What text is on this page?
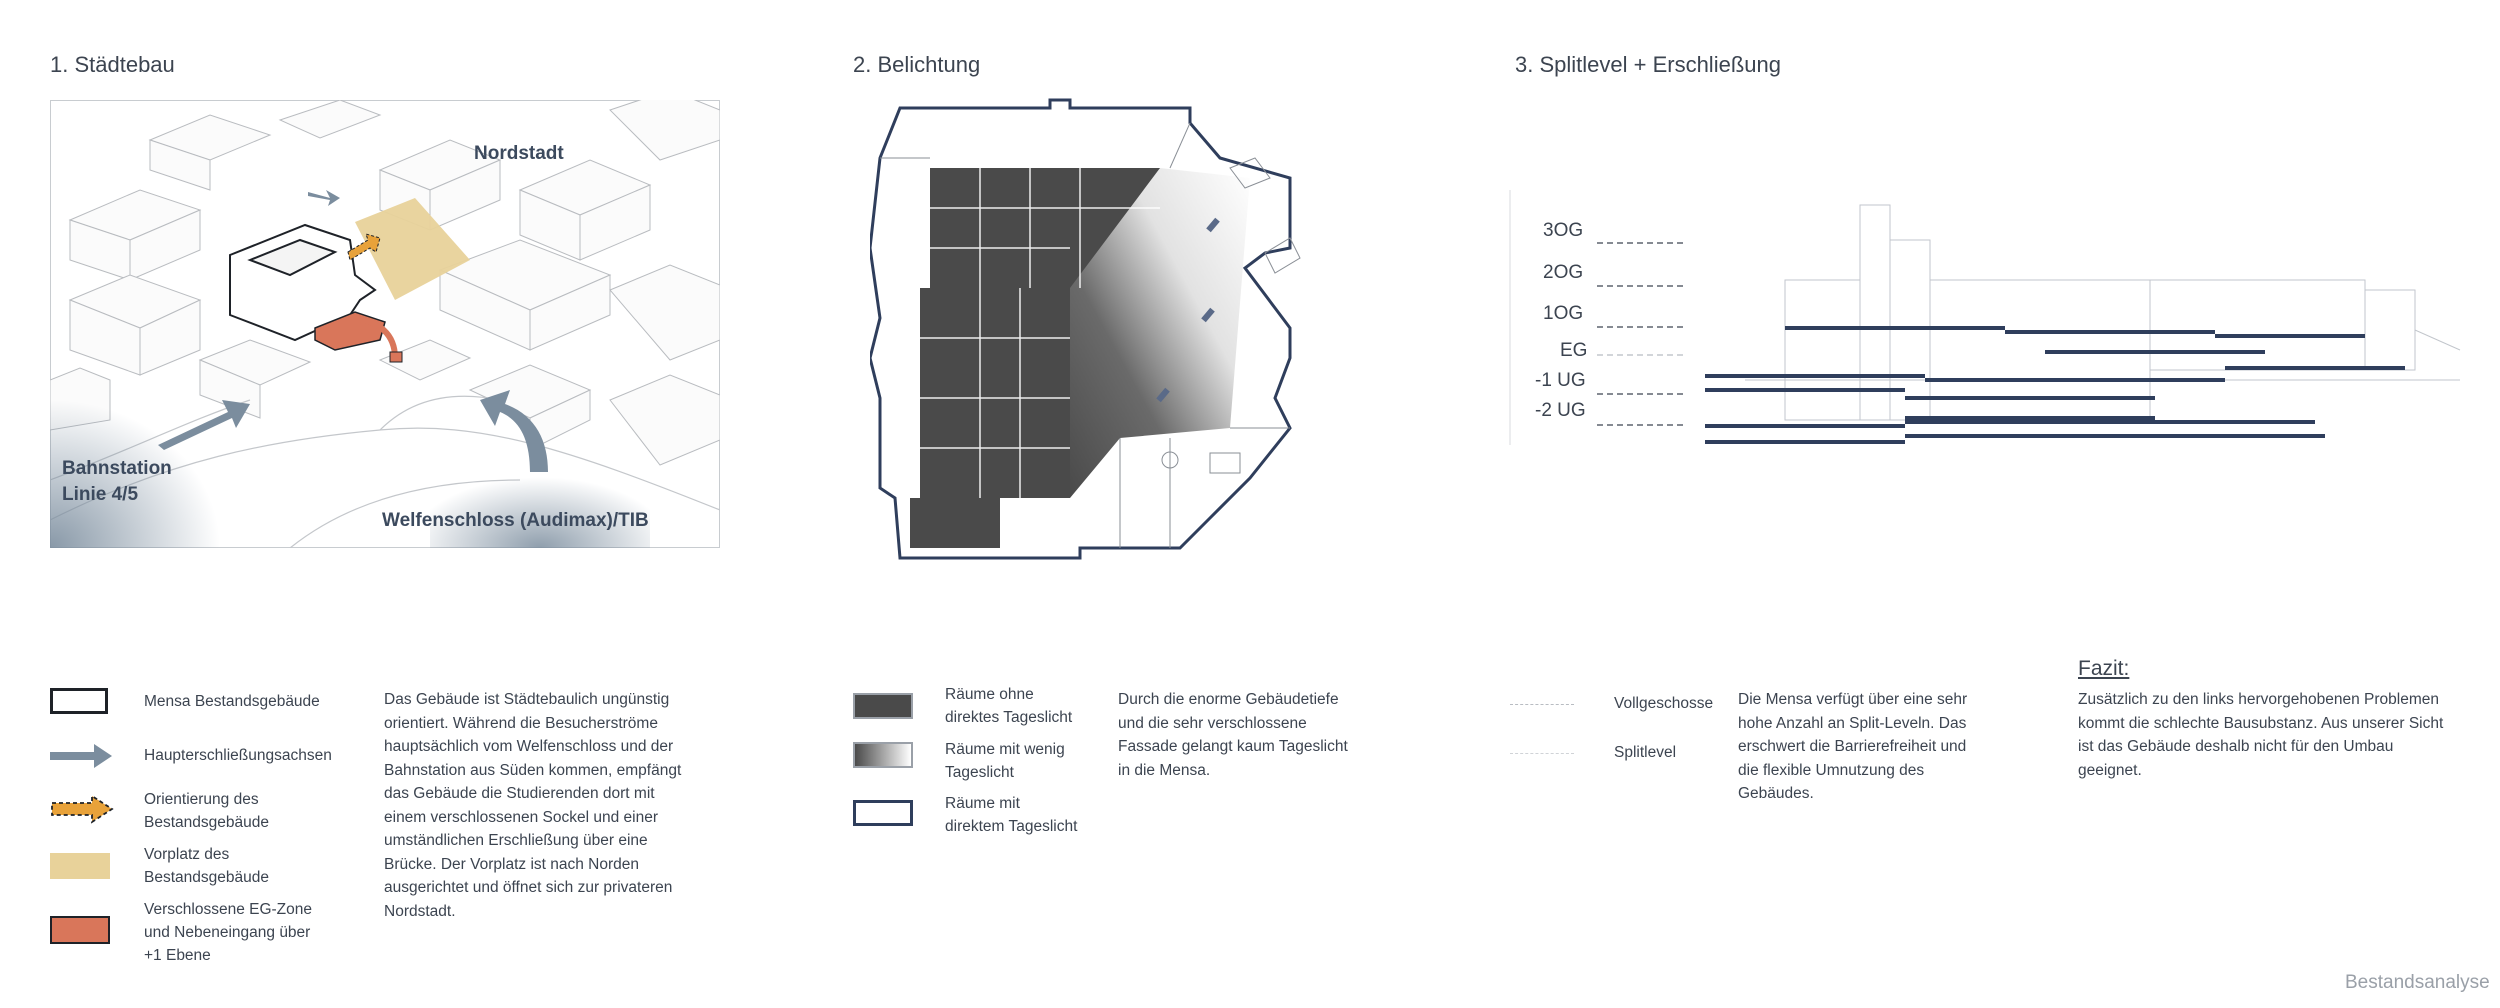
1. Städtebau	2. Belichtung	3. Splitlevel + Erschließung
Nordstadt
Bahnstation
Linie 4/5
Welfenschloss (Audimax)/TIB
3OG
2OG
1OG
EG
-1 UG
-2 UG
Mensa Bestandsgebäude
Haupterschließungsachsen
Orientierung des
Bestandsgebäude
Vorplatz des
Bestandsgebäude
Verschlossene EG-Zone
und Nebeneingang über
+1 Ebene
Das Gebäude ist Städtebaulich ungünstig
orientiert. Während die Besucherströme
hauptsächlich vom Welfenschloss und der
Bahnstation aus Süden kommen, empfängt
das Gebäude die Studierenden dort mit
einem verschlossenen Sockel und einer
umständlichen Erschließung über eine
Brücke. Der Vorplatz ist nach Norden
ausgerichtet und öffnet sich zur privateren
Nordstadt.
Räume ohne
direktes Tageslicht
Räume mit wenig
Tageslicht
Räume mit
direktem Tageslicht
Durch die enorme Gebäudetiefe
und die sehr verschlossene
Fassade gelangt kaum Tageslicht
in die Mensa.
Vollgeschosse
Splitlevel
Die Mensa verfügt über eine sehr
hohe Anzahl an Split-Leveln. Das
erschwert die Barrierefreiheit und
die flexible Umnutzung des
Gebäudes.
Fazit:
Zusätzlich zu den links hervorgehobenen Problemen
kommt die schlechte Bausubstanz. Aus unserer Sicht
ist das Gebäude deshalb nicht für den Umbau
geeignet.
Bestandsanalyse
